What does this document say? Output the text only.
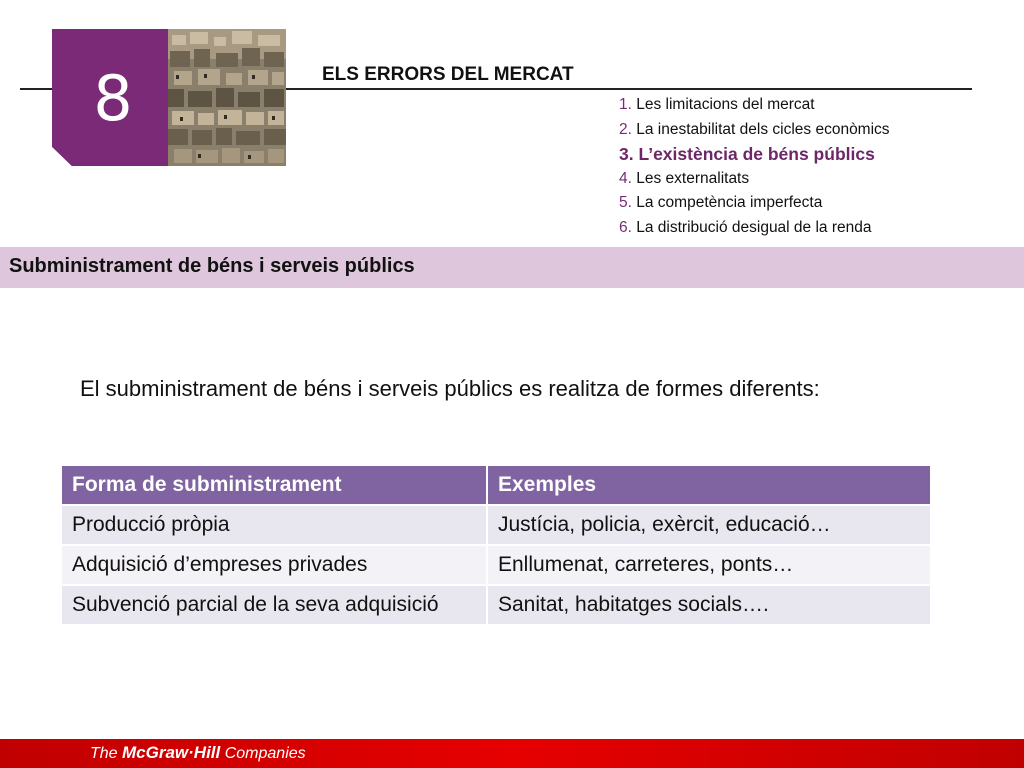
8	ELS ERRORS DEL MERCAT
1. Les limitacions del mercat
2. La inestabilitat dels cicles econòmics
3. L’existència de béns públics
4. Les externalitats
5. La competència imperfecta
6. La distribució desigual de la renda
Subministrament de béns i serveis públics
El subministrament de béns i serveis públics es realitza de formes diferents:
Forma de subministrament	Exemples
Producció pròpia	Justícia, policia, exèrcit, educació…
Adquisició d’empreses privades	Enllumenat, carreteres, ponts…
Subvenció parcial de la seva adquisició	Sanitat, habitatges socials….
The McGraw·Hill Companies
